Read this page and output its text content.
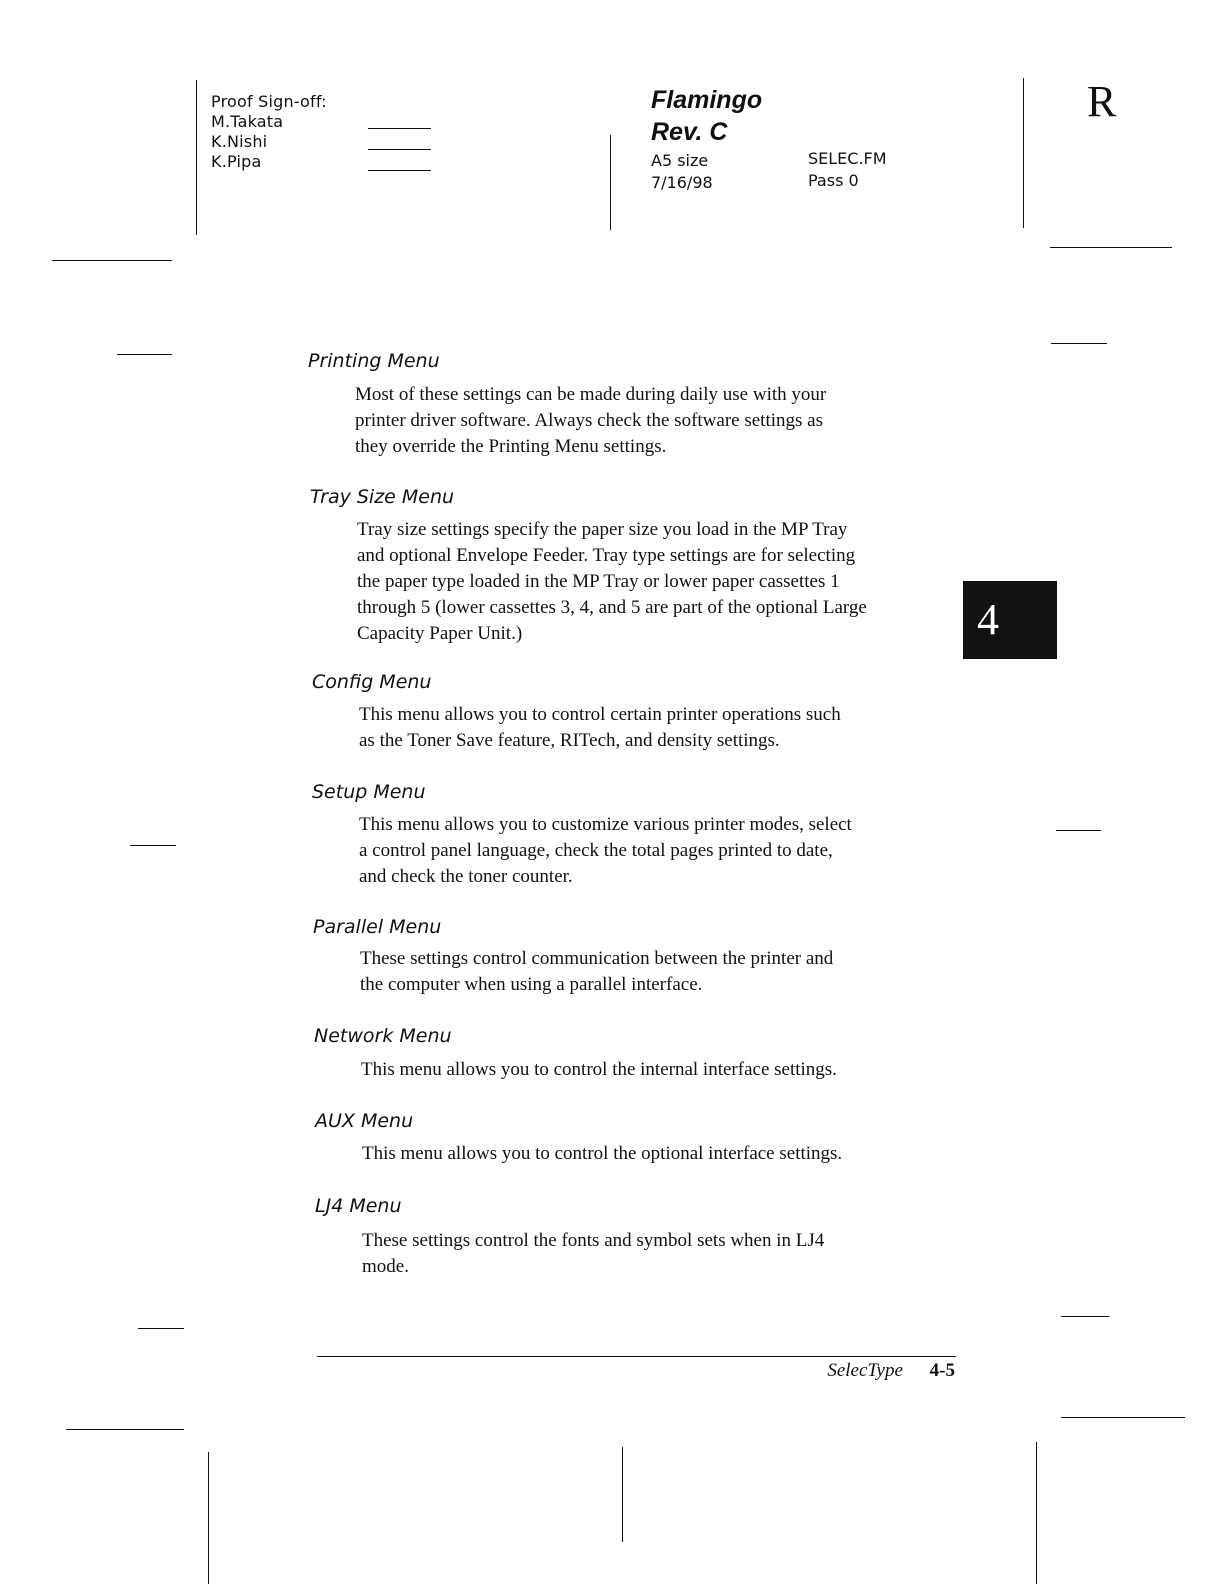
Proof Sign-off:
M.Takata
K.Nishi
K.Pipa
Flamingo
Rev. C
A5 size
7/16/98
SELEC.FM
Pass 0
R
4
Printing Menu
Most of these settings can be made during daily use with your
printer driver software. Always check the software settings as
they override the Printing Menu settings.
Tray Size Menu
Tray size settings specify the paper size you load in the MP Tray
and optional Envelope Feeder. Tray type settings are for selecting
the paper type loaded in the MP Tray or lower paper cassettes 1
through 5 (lower cassettes 3, 4, and 5 are part of the optional Large
Capacity Paper Unit.)
Config Menu
This menu allows you to control certain printer operations such
as the Toner Save feature, RITech, and density settings.
Setup Menu
This menu allows you to customize various printer modes, select
a control panel language, check the total pages printed to date,
and check the toner counter.
Parallel Menu
These settings control communication between the printer and
the computer when using a parallel interface.
Network Menu
This menu allows you to control the internal interface settings.
AUX Menu
This menu allows you to control the optional interface settings.
LJ4 Menu
These settings control the fonts and symbol sets when in LJ4
mode.
SelecType 4-5
